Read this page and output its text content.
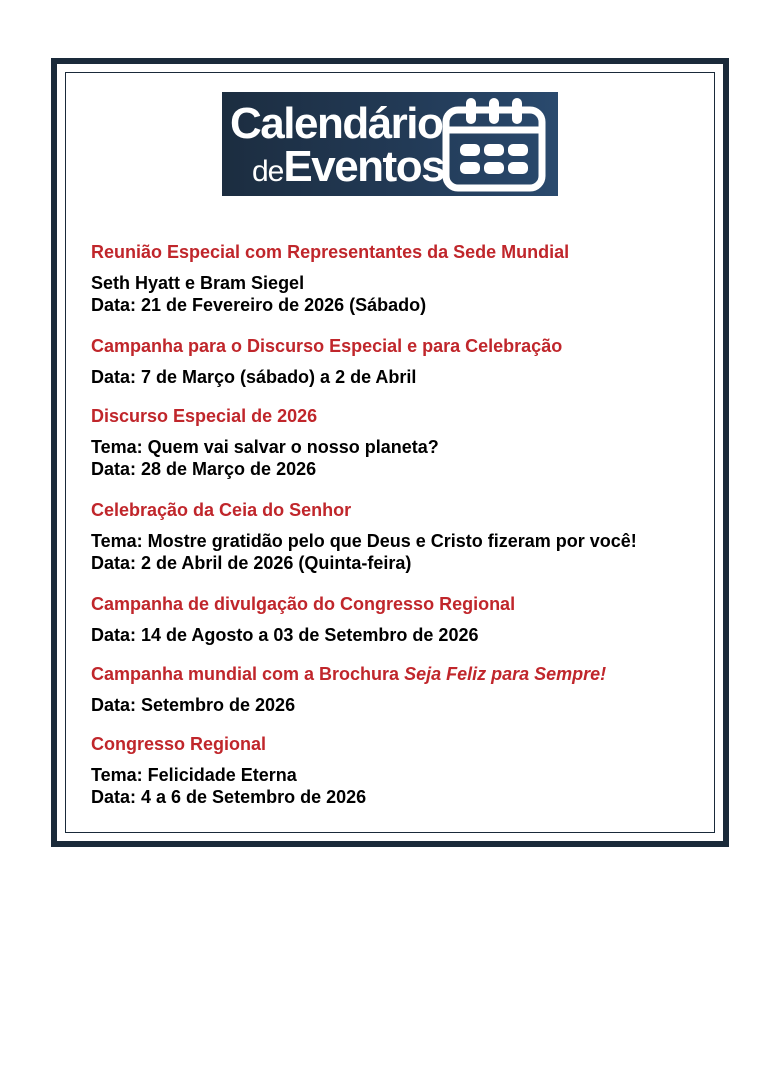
Calendário
deEventos
Reunião Especial com Representantes da Sede Mundial
Seth Hyatt e Bram Siegel
Data: 21 de Fevereiro de 2026 (Sábado)
Campanha para o Discurso Especial e para Celebração
Data: 7 de Março (sábado) a 2 de Abril
Discurso Especial de 2026
Tema: Quem vai salvar o nosso planeta?
Data: 28 de Março de 2026
Celebração da Ceia do Senhor
Tema: Mostre gratidão pelo que Deus e Cristo fizeram por você!
Data: 2 de Abril de 2026 (Quinta-feira)
Campanha de divulgação do Congresso Regional
Data: 14 de Agosto a 03 de Setembro de 2026
Campanha mundial com a Brochura Seja Feliz para Sempre!
Data: Setembro de 2026
Congresso Regional
Tema: Felicidade Eterna
Data: 4 a 6 de Setembro de 2026
